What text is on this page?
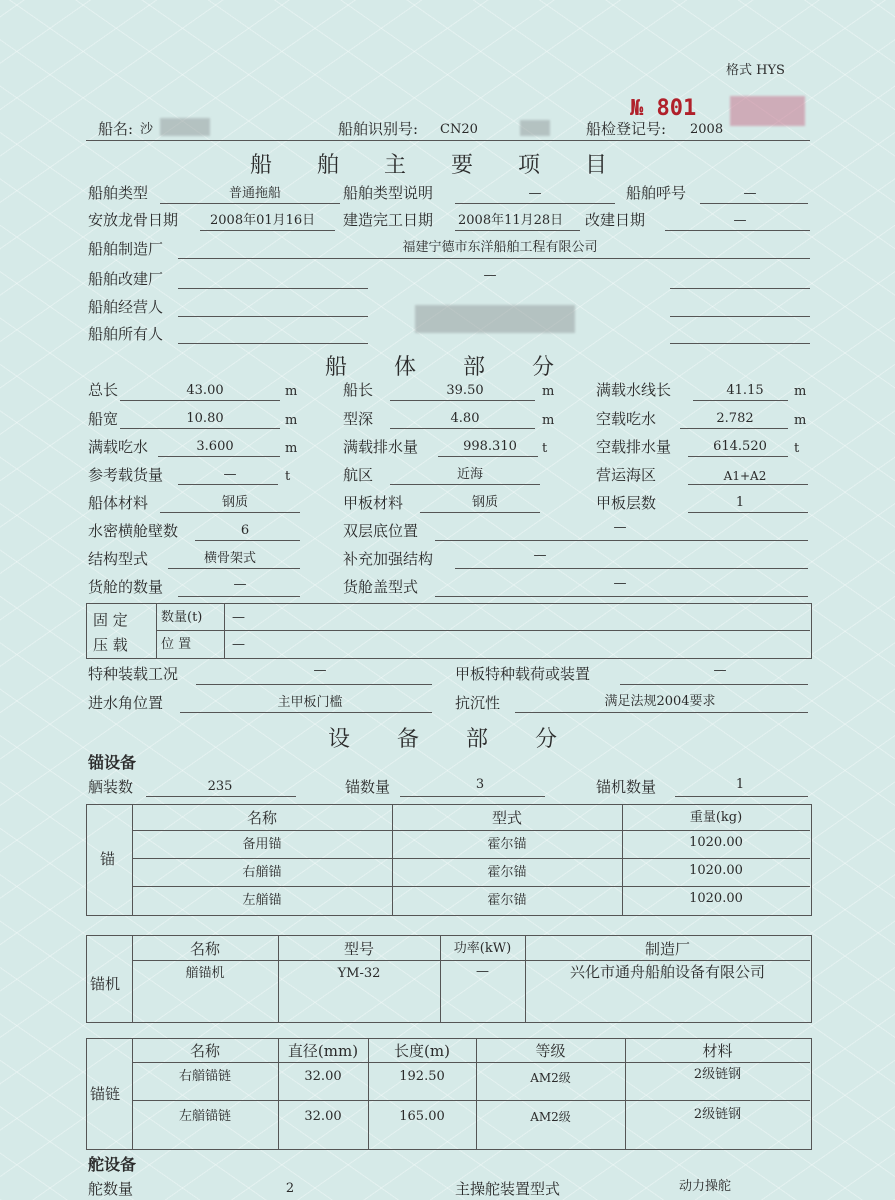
格式 HYS
№ 801
船名: 沙	船舶识别号: CN20	船检登记号: 2008
船 舶 主 要 项 目
船舶类型	普通拖船	船舶类型说明	—	船舶呼号	—
安放龙骨日期 2008年01月16日 建造完工日期 2008年11月28日 改建日期	—
船舶制造厂	福建宁德市东洋船舶工程有限公司
船舶改建厂	—
船舶经营人
船舶所有人
船 体 部 分
总长	43.00	m	船长	39.50	m	满载水线长	41.15	m
船宽	10.80	m	型深	4.80	m	空载吃水	2.782	m
满载吃水	3.600	m	满载排水量	998.310	t	空载排水量	614.520	t
参考载货量	—	t	航区	近海	营运海区	A1+A2
船体材料	钢质	甲板材料	钢质	甲板层数	1
水密横舱壁数	6	双层底位置	—
结构型式	横骨架式	补充加强结构	—
货舱的数量	—	货舱盖型式	—
固 定
压 载
数量(t) —
位 置	—
特种装载工况	—	甲板特种载荷或装置	—
进水角位置	主甲板门槛	抗沉性	满足法规2004要求
设 备 部 分
锚设备
舾装数	235	锚数量	3	锚机数量	1
锚
名称	型式	重量(kg)
备用锚	霍尔锚	1020.00
右艏锚	霍尔锚	1020.00
左艏锚	霍尔锚	1020.00
锚机
名称	型号	功率(kW)	制造厂
艏锚机	YM-32	—	兴化市通舟船舶设备有限公司
锚链
名称	直径(mm)	长度(m)	等级	材料
右艏锚链	32.00	192.50	AM2级	2级链钢
左艏锚链	32.00	165.00	AM2级	2级链钢
舵设备
舵数量	2	主操舵装置型式	动力操舵
